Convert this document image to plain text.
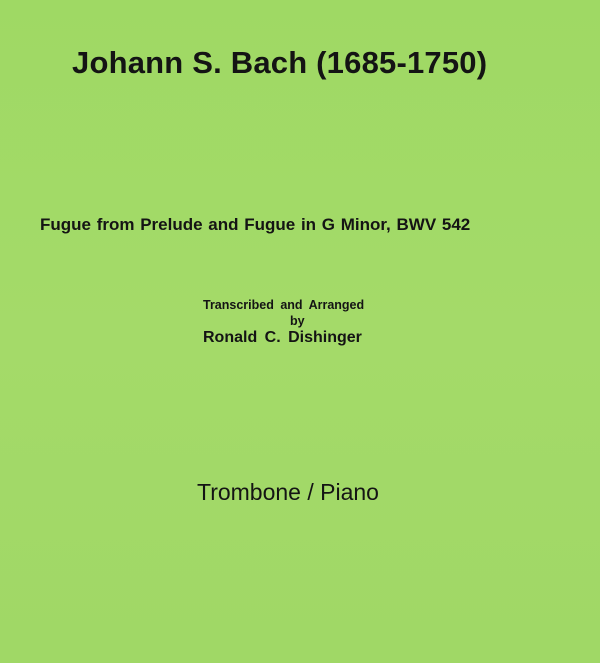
Johann S. Bach (1685-1750)

Fugue from Prelude and Fugue in G Minor, BWV 542

Transcribed and Arranged

by

Ronald C. Dishinger

Trombone / Piano
